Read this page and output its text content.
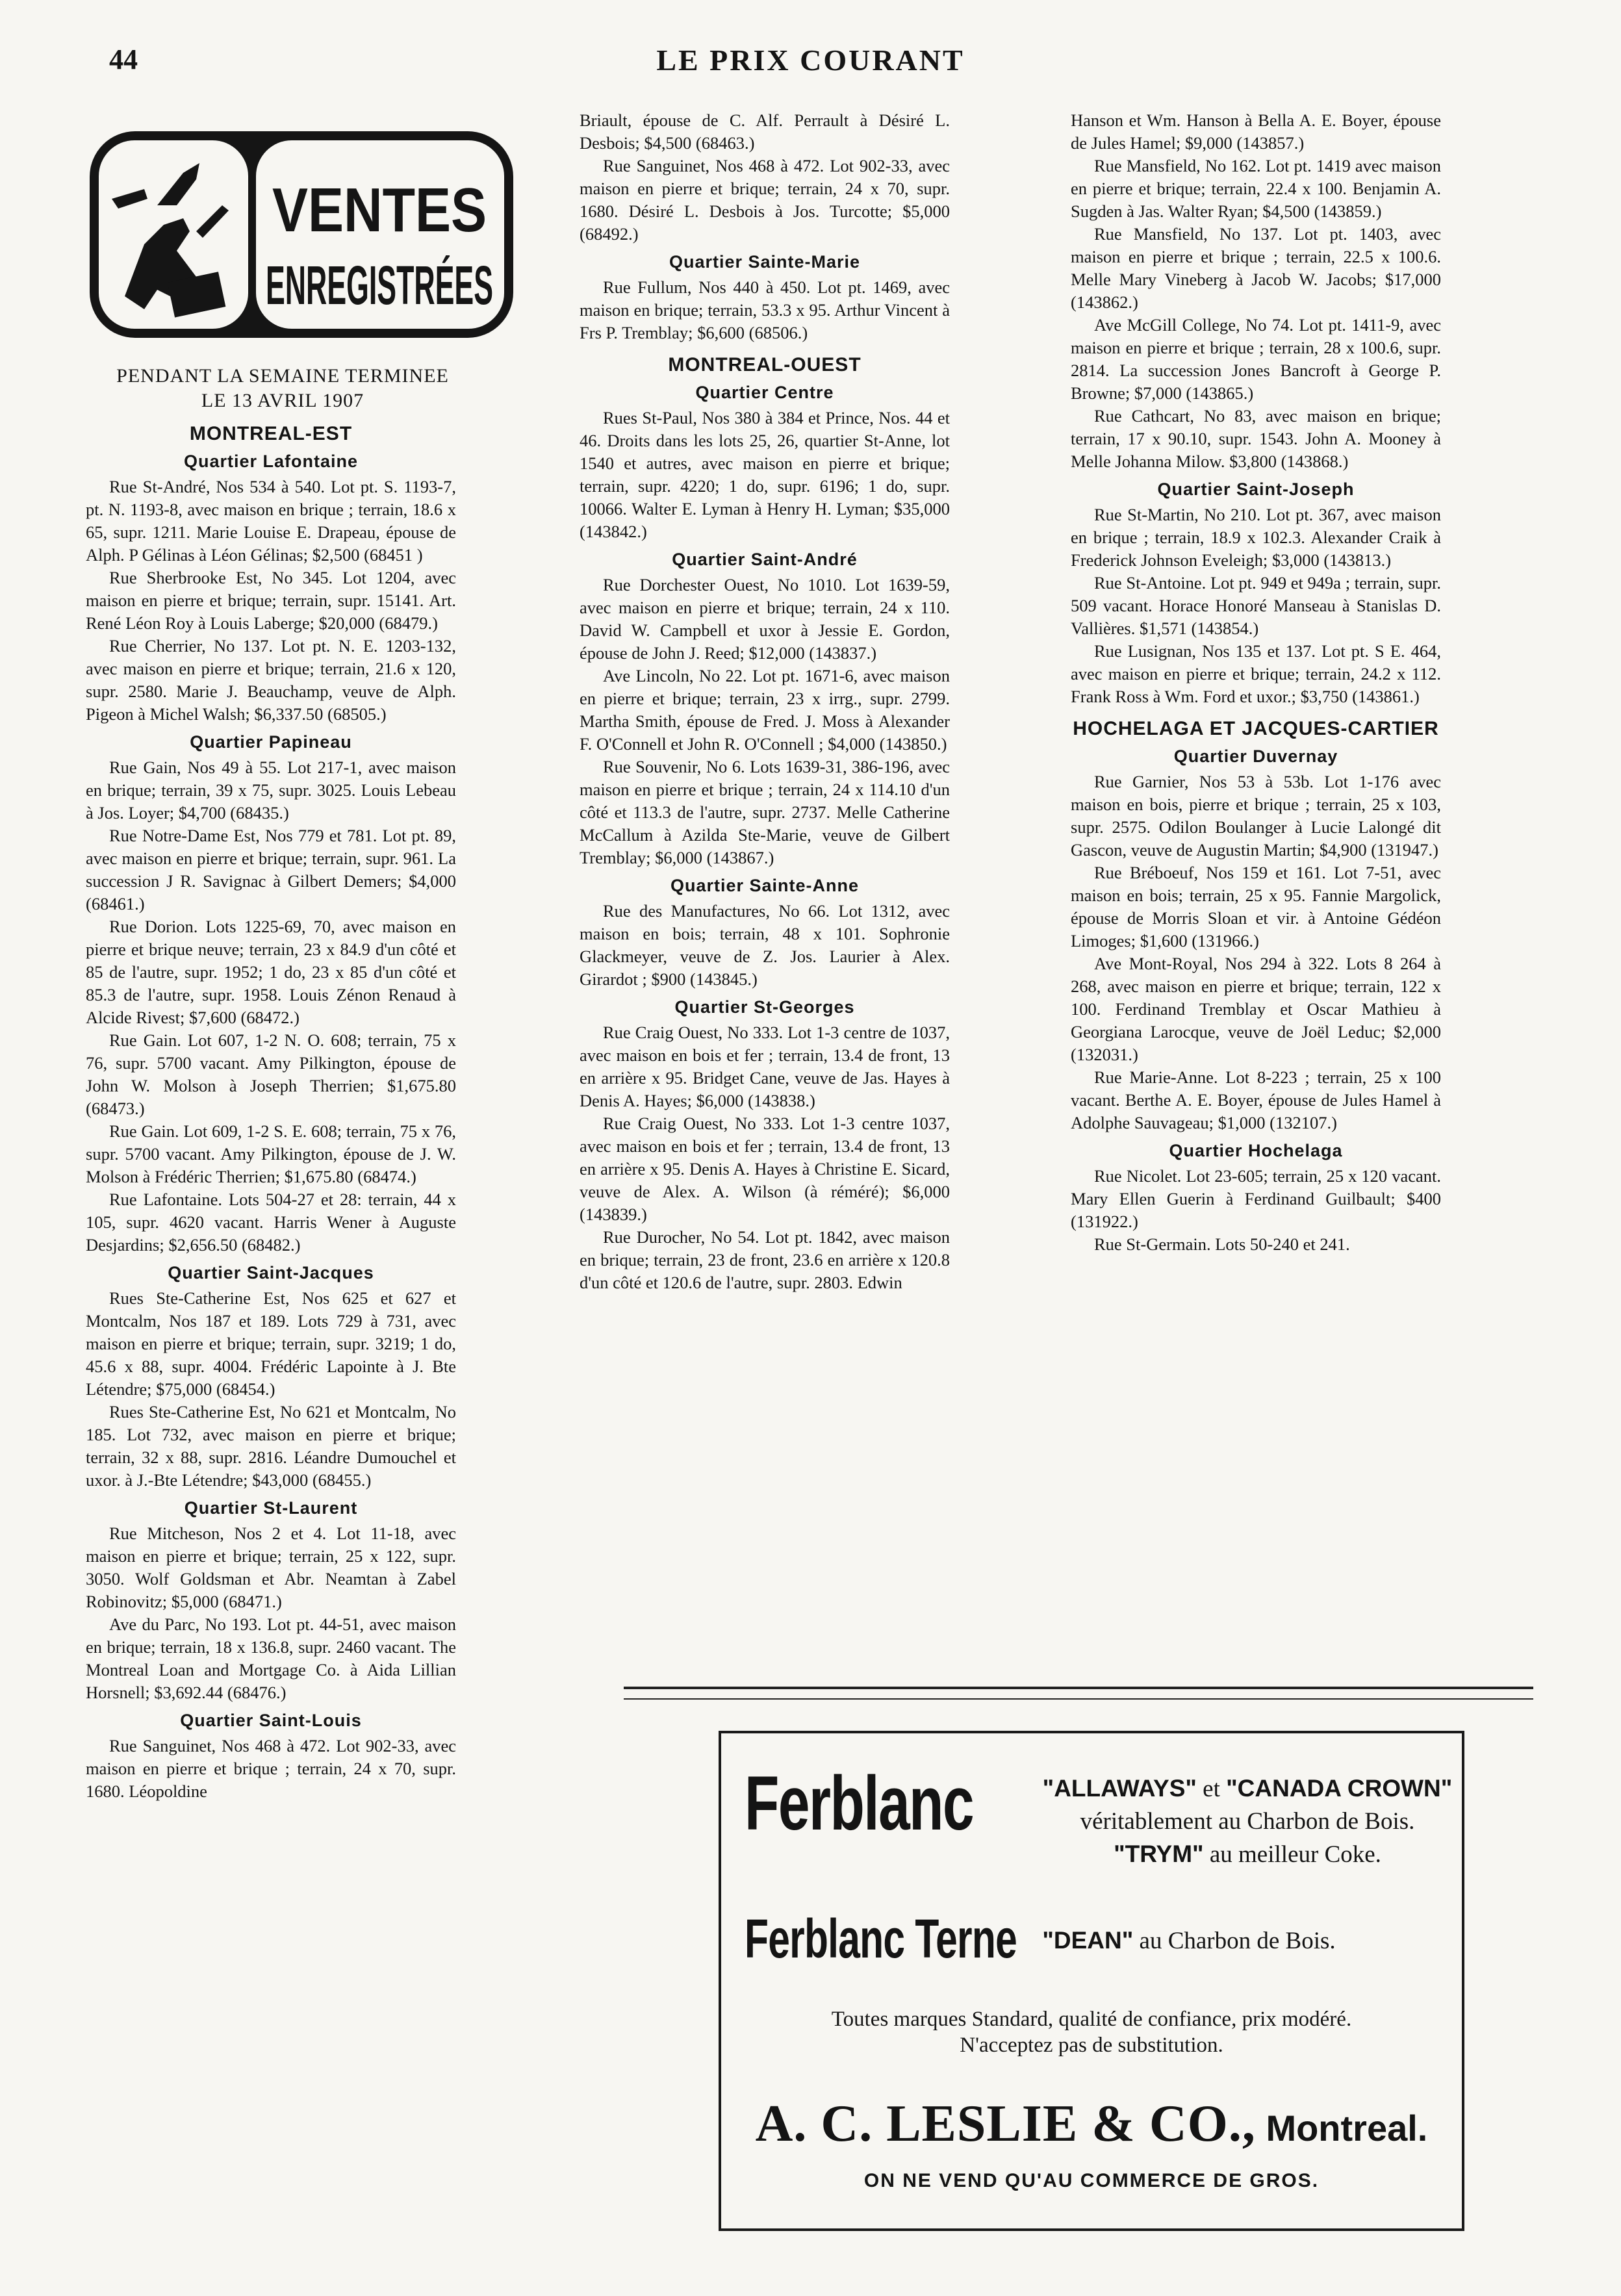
44	LE PRIX COURANT
VENTES
ENREGISTRÉES

PENDANT LA SEMAINE TERMINEE

LE 13 AVRIL 1907

MONTREAL-EST
Quartier Lafontaine

Rue St-André, Nos 534 à 540. Lot pt. S. 1193-7, pt. N. 1193-8, avec maison en brique ; terrain, 18.6 x 65, supr. 1211. Marie Louise E. Drapeau, épouse de Alph. P Gélinas à Léon Gélinas; $2,500 (68451 )

Rue Sherbrooke Est, No 345. Lot 1204, avec maison en pierre et brique; terrain, supr. 15141. Art. René Léon Roy à Louis Laberge; $20,000 (68479.)

Rue Cherrier, No 137. Lot pt. N. E. 1203-132, avec maison en pierre et brique; terrain, 21.6 x 120, supr. 2580. Marie J. Beauchamp, veuve de Alph. Pigeon à Michel Walsh; $6,337.50 (68505.)

Quartier Papineau

Rue Gain, Nos 49 à 55. Lot 217-1, avec maison en brique; terrain, 39 x 75, supr. 3025. Louis Lebeau à Jos. Loyer; $4,700 (68435.)

Rue Notre-Dame Est, Nos 779 et 781. Lot pt. 89, avec maison en pierre et brique; terrain, supr. 961. La succession J R. Savignac à Gilbert Demers; $4,000 (68461.)

Rue Dorion. Lots 1225-69, 70, avec maison en pierre et brique neuve; terrain, 23 x 84.9 d'un côté et 85 de l'autre, supr. 1952; 1 do, 23 x 85 d'un côté et 85.3 de l'autre, supr. 1958. Louis Zénon Renaud à Alcide Rivest; $7,600 (68472.)

Rue Gain. Lot 607, 1-2 N. O. 608; terrain, 75 x 76, supr. 5700 vacant. Amy Pilkington, épouse de John W. Molson à Joseph Therrien; $1,675.80 (68473.)

Rue Gain. Lot 609, 1-2 S. E. 608; terrain, 75 x 76, supr. 5700 vacant. Amy Pilkington, épouse de J. W. Molson à Frédéric Therrien; $1,675.80 (68474.)

Rue Lafontaine. Lots 504-27 et 28: terrain, 44 x 105, supr. 4620 vacant. Harris Wener à Auguste Desjardins; $2,656.50 (68482.)

Quartier Saint-Jacques

Rues Ste-Catherine Est, Nos 625 et 627 et Montcalm, Nos 187 et 189. Lots 729 à 731, avec maison en pierre et brique; terrain, supr. 3219; 1 do, 45.6 x 88, supr. 4004. Frédéric Lapointe à J. Bte Létendre; $75,000 (68454.)

Rues Ste-Catherine Est, No 621 et Montcalm, No 185. Lot 732, avec maison en pierre et brique; terrain, 32 x 88, supr. 2816. Léandre Dumouchel et uxor. à J.-Bte Létendre; $43,000 (68455.)

Quartier St-Laurent

Rue Mitcheson, Nos 2 et 4. Lot 11-18, avec maison en pierre et brique; terrain, 25 x 122, supr. 3050. Wolf Goldsman et Abr. Neamtan à Zabel Robinovitz; $5,000 (68471.)

Ave du Parc, No 193. Lot pt. 44-51, avec maison en brique; terrain, 18 x 136.8, supr. 2460 vacant. The Montreal Loan and Mortgage Co. à Aida Lillian Horsnell; $3,692.44 (68476.)

Quartier Saint-Louis

Rue Sanguinet, Nos 468 à 472. Lot 902-33, avec maison en pierre et brique ; terrain, 24 x 70, supr. 1680. Léopoldine

Briault, épouse de C. Alf. Perrault à Désiré L. Desbois; $4,500 (68463.)

Rue Sanguinet, Nos 468 à 472. Lot 902-33, avec maison en pierre et brique; terrain, 24 x 70, supr. 1680. Désiré L. Desbois à Jos. Turcotte; $5,000 (68492.)

Quartier Sainte-Marie

Rue Fullum, Nos 440 à 450. Lot pt. 1469, avec maison en brique; terrain, 53.3 x 95. Arthur Vincent à Frs P. Tremblay; $6,600 (68506.)

MONTREAL-OUEST
Quartier Centre

Rues St-Paul, Nos 380 à 384 et Prince, Nos. 44 et 46. Droits dans les lots 25, 26, quartier St-Anne, lot 1540 et autres, avec maison en pierre et brique; terrain, supr. 4220; 1 do, supr. 6196; 1 do, supr. 10066. Walter E. Lyman à Henry H. Lyman; $35,000 (143842.)

Quartier Saint-André

Rue Dorchester Ouest, No 1010. Lot 1639-59, avec maison en pierre et brique; terrain, 24 x 110. David W. Campbell et uxor à Jessie E. Gordon, épouse de John J. Reed; $12,000 (143837.)

Ave Lincoln, No 22. Lot pt. 1671-6, avec maison en pierre et brique; terrain, 23 x irrg., supr. 2799. Martha Smith, épouse de Fred. J. Moss à Alexander F. O'Connell et John R. O'Connell ; $4,000 (143850.)

Rue Souvenir, No 6. Lots 1639-31, 386-196, avec maison en pierre et brique ; terrain, 24 x 114.10 d'un côté et 113.3 de l'autre, supr. 2737. Melle Catherine McCallum à Azilda Ste-Marie, veuve de Gilbert Tremblay; $6,000 (143867.)

Quartier Sainte-Anne

Rue des Manufactures, No 66. Lot 1312, avec maison en bois; terrain, 48 x 101. Sophronie Glackmeyer, veuve de Z. Jos. Laurier à Alex. Girardot ; $900 (143845.)

Quartier St-Georges

Rue Craig Ouest, No 333. Lot 1-3 centre de 1037, avec maison en bois et fer ; terrain, 13.4 de front, 13 en arrière x 95. Bridget Cane, veuve de Jas. Hayes à Denis A. Hayes; $6,000 (143838.)

Rue Craig Ouest, No 333. Lot 1-3 centre 1037, avec maison en bois et fer ; terrain, 13.4 de front, 13 en arrière x 95. Denis A. Hayes à Christine E. Sicard, veuve de Alex. A. Wilson (à réméré); $6,000 (143839.)

Rue Durocher, No 54. Lot pt. 1842, avec maison en brique; terrain, 23 de front, 23.6 en arrière x 120.8 d'un côté et 120.6 de l'autre, supr. 2803. Edwin

Hanson et Wm. Hanson à Bella A. E. Boyer, épouse de Jules Hamel; $9,000 (143857.)

Rue Mansfield, No 162. Lot pt. 1419 avec maison en pierre et brique; terrain, 22.4 x 100. Benjamin A. Sugden à Jas. Walter Ryan; $4,500 (143859.)

Rue Mansfield, No 137. Lot pt. 1403, avec maison en pierre et brique ; terrain, 22.5 x 100.6. Melle Mary Vineberg à Jacob W. Jacobs; $17,000 (143862.)

Ave McGill College, No 74. Lot pt. 1411-9, avec maison en pierre et brique ; terrain, 28 x 100.6, supr. 2814. La succession Jones Bancroft à George P. Browne; $7,000 (143865.)

Rue Cathcart, No 83, avec maison en brique; terrain, 17 x 90.10, supr. 1543. John A. Mooney à Melle Johanna Milow. $3,800 (143868.)

Quartier Saint-Joseph

Rue St-Martin, No 210. Lot pt. 367, avec maison en brique ; terrain, 18.9 x 102.3. Alexander Craik à Frederick Johnson Eveleigh; $3,000 (143813.)

Rue St-Antoine. Lot pt. 949 et 949a ; terrain, supr. 509 vacant. Horace Honoré Manseau à Stanislas D. Vallières. $1,571 (143854.)

Rue Lusignan, Nos 135 et 137. Lot pt. S E. 464, avec maison en pierre et brique; terrain, 24.2 x 112. Frank Ross à Wm. Ford et uxor.; $3,750 (143861.)

HOCHELAGA ET JACQUES-CARTIER
Quartier Duvernay

Rue Garnier, Nos 53 à 53b. Lot 1-176 avec maison en bois, pierre et brique ; terrain, 25 x 103, supr. 2575. Odilon Boulanger à Lucie Lalongé dit Gascon, veuve de Augustin Martin; $4,900 (131947.)

Rue Bréboeuf, Nos 159 et 161. Lot 7-51, avec maison en bois; terrain, 25 x 95. Fannie Margolick, épouse de Morris Sloan et vir. à Antoine Gédéon Limoges; $1,600 (131966.)

Ave Mont-Royal, Nos 294 à 322. Lots 8 264 à 268, avec maison en pierre et brique; terrain, 122 x 100. Ferdinand Tremblay et Oscar Mathieu à Georgiana Larocque, veuve de Joël Leduc; $2,000 (132031.)

Rue Marie-Anne. Lot 8-223 ; terrain, 25 x 100 vacant. Berthe A. E. Boyer, épouse de Jules Hamel à Adolphe Sauvageau; $1,000 (132107.)

Quartier Hochelaga

Rue Nicolet. Lot 23-605; terrain, 25 x 120 vacant. Mary Ellen Guerin à Ferdinand Guilbault; $400 (131922.)

Rue St-Germain. Lots 50-240 et 241.

Ferblanc	"ALLAWAYS" et "CANADA CROWN" véritablement au Charbon de Bois.
"TRYM" au meilleur Coke.
Ferblanc Terne	"DEAN" au Charbon de Bois.
Toutes marques Standard, qualité de confiance, prix modéré.
N'acceptez pas de substitution.
A. C. LESLIE & CO., Montreal.
ON NE VEND QU'AU COMMERCE DE GROS.
